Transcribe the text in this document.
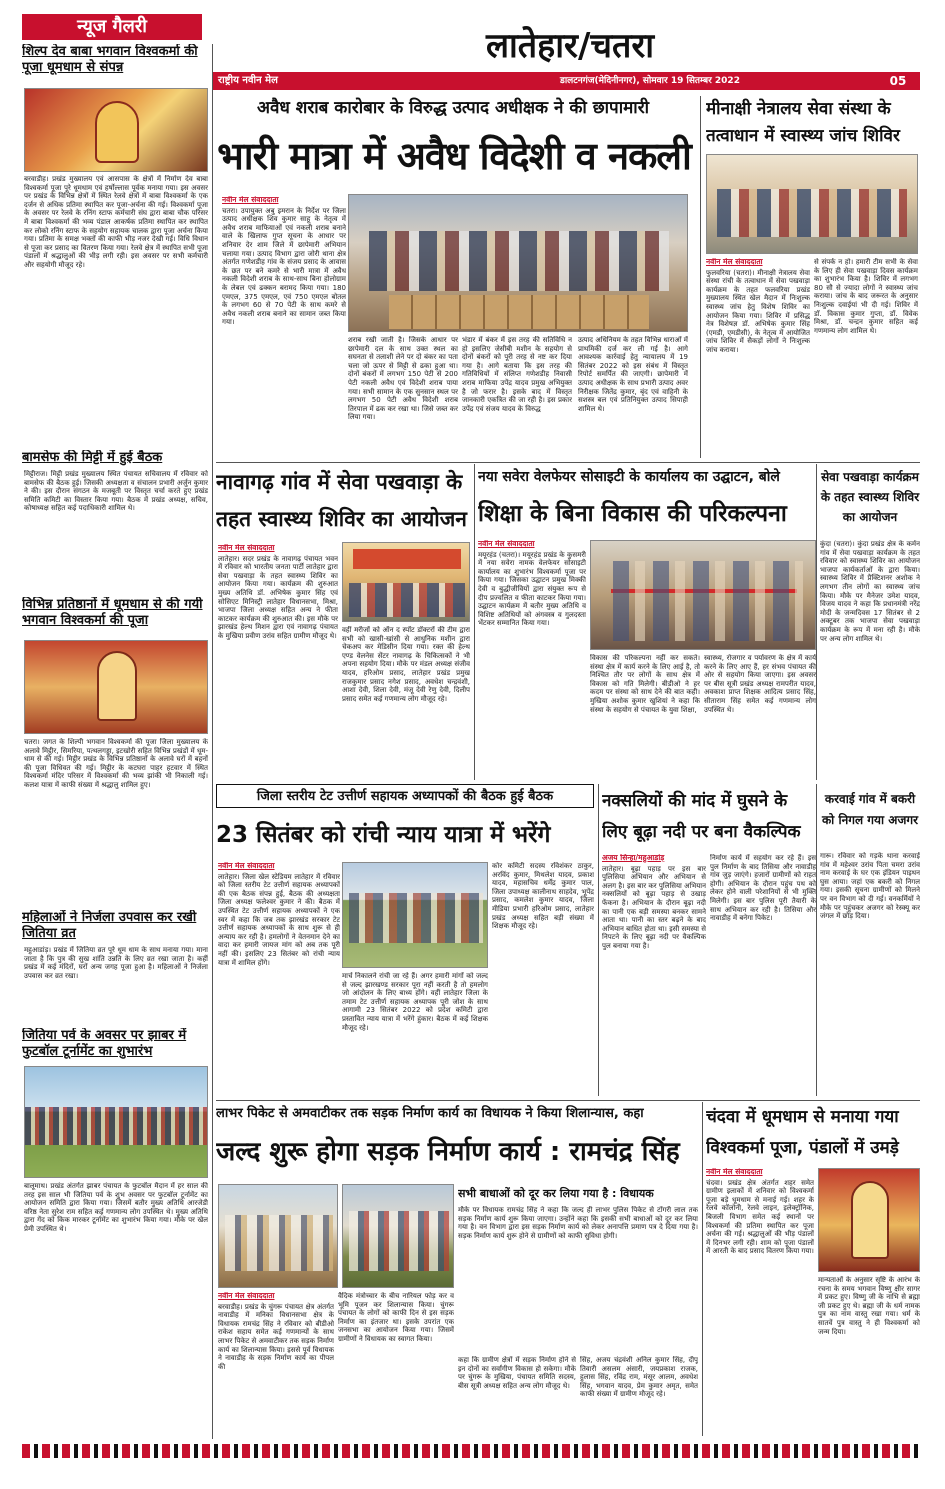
न्यूज गैलरी	लातेहार/चतरा
राष्ट्रीय नवीन मेल	डालटनगंज(मेदिनीनगर), सोमवार 19 सितम्बर 2022	05
शिल्प देव बाबा भगवान विश्वकर्मा की पूजा धूमधाम से संपन्न
बरवाडीह। प्रखंड मुख्यालय एवं आसपास के क्षेत्रों में निर्माण देव बाबा विश्वकर्मा पूजा पूरे धूमधाम एवं हर्षोल्लास पूर्वक मनाया गया। इस अवसर पर प्रखंड के विभिन्न क्षेत्रों में स्थित रेलवे क्षेत्रों में बाबा विश्वकर्मा के एक दर्जन से अधिक प्रतिमा स्थापित कर पूजा-अर्चना की गई। विश्वकर्मा पूजा के अवसर पर रेलवे के रनिंग स्टाफ कर्मचारी संघ द्वारा बाबा चौक परिसर में बाबा विश्वकर्मा की भव्य पंडाल आकर्षक प्रतिमा स्थापित कर स्थापित कर लोको रनिंग स्टाफ के सहयोग सहायक चालक द्वारा पूजा अर्चना किया गया। प्रतिमा के समक्ष भक्तों की काफी भीड़ नजर देखी गई। विधि विधान से पूजा कर प्रसाद का वितरण किया गया। रेलवे क्षेत्र में स्थापित सभी पूजा पंडालों में श्रद्धालुओं की भीड़ लगी रही। इस अवसर पर सभी कर्मचारी और सहयोगी मौजूद रहे।
बामसेफ की मिट्टी में हुई बैठक
मिट्टीराज। मिट्टी प्रखंड मुख्यालय स्थित पंचायत सचिवालय में रविवार को बामसेफ की बैठक हुई। जिसकी अध्यक्षता व संचालन प्रभारी अर्जुन कुमार ने की। इस दौरान संगठन के मजबूती पर विस्तृत चर्चा करते हुए प्रखंड समिति कमिटी का विस्तार किया गया। बैठक में प्रखंड अध्यक्ष, सचिव, कोषाध्यक्ष सहित कई पदाधिकारी शामिल थे।
विभिन्न प्रतिष्ठानों में धूमधाम से की गयी भगवान विश्वकर्मा की पूजा
चतरा। जगत के शिल्पी भगवान विश्वकर्मा की पूजा जिला मुख्यालय के अलावे मिट्ठीर, सिमरिया, पत्थलगड्डा, इटखोरी सहित विभिन्न प्रखंडों में धूम-धाम से की गई। मिट्ठीर प्रखंड के विभिन्न प्रतिष्ठानों के अलावे घरों में बहनों की पूजा विधिवत की गई। मिट्ठीर के कटघरा पाहर हटवार में स्थित विश्वकर्मा मंदिर परिसर में विश्वकर्मा की भव्य झांकी भी निकाली गई। कलश यात्रा में काफी संख्या में श्रद्धालु शामिल हुए।
महिलाओं ने निर्जला उपवास कर रखी जितिया व्रत
महुआडांड़। प्रखंड में जितिया व्रत पूरे धूम धाम के साथ मनाया गया। माना जाता है कि पुत्र की सुख शांति उन्नति के लिए व्रत रखा जाता है। कहीं प्रखंड में कई मंदिरों, घरों अन्य जगह पूजा हुआ है। महिलाओं ने निर्जला उपवास कर व्रत रखा।
जितिया पर्व के अवसर पर झाबर में फुटबॉल टूर्नामेंट का शुभारंभ
बालूमाथ। प्रखंड अंतर्गत झाबर पंचायत के फुटबॉल मैदान में हर साल की तरह इस साल भी जितिया पर्व के शुभ अवसर पर फुटबॉल टूर्नामेंट का आयोजन समिति द्वारा किया गया। जिसमें बतौर मुख्य अतिथि आरजेडी वरिष्ठ नेता सुरेश राम सहित कई गणमान्य लोग उपस्थित थे। मुख्य अतिथि द्वारा गेंद को किक मारकर टूर्नामेंट का शुभारंभ किया गया। मौके पर खेल प्रेमी उपस्थित थे।
अवैध शराब कारोबार के विरुद्ध उत्पाद अधीक्षक ने की छापामारी
भारी मात्रा में अवैध विदेशी व नकली
नवीन मेल संवाददाता
चतरा। उपायुक्त अबु इमरान के निर्देश पर जिला उत्पाद अधीक्षक शिव कुमार साहू के नेतृत्व में अवैध शराब माफियाओं एवं नकली शराब बनाने वाले के खिलाफ गुप्त सूचना के आधार पर शनिवार देर शाम जिले में छापेमारी अभियान चलाया गया। उत्पाद विभाग द्वारा जोरी थाना क्षेत्र अंतर्गत गणेशडीह गांव के संजय प्रसाद के आवास के छत पर बने कमरे से भारी मात्रा में अवैध नकली विदेशी शराब के साथ-साथ बिना होलोग्राम के लेबल एवं ढक्कन बरामद किया गया। 180 एमएल, 375 एमएल, एवं 750 एमएल बोतल के लगभग 60 से 70 पेटी के साथ कमरे से अवैध नकली शराब बनाने का सामान जब्त किया गया।
शराब रखी जाती है। जिसके आधार पर छापेमारी दल के साथ उक्त स्थल का सघनता से तलाशी लेने पर दो बंकर का पता चला जो ऊपर से मिट्टी से ढका हुआ था। दोनों बंकरों में लगभग 150 पेटी से 200 पेटी नकली अवैध एवं विदेशी शराब पाया गया। सभी सामान के एक सुनसान स्थल पर लगभग 50 पेटी अवैध विदेशी शराब तिरपाल में ढक कर रखा था। जिसे जब्त कर लिया गया।
भंडार में बंकर में इस तरह की सतिविधि न हो इसलिए जेसीबी मशीन के सहयोग से दोनों बंकरों को पूरी तरह से नष्ट कर दिया गया है। आगे बताया कि इस तरह की गतिविधियों में संलिप्त गणेशडीह निवासी शराब माफिया उपेंद्र यादव प्रमुख अभियुक्त है जो फरार है। इसके बाद में विस्तृत जानकारी एकत्रित की जा रही है। इस प्रकार उपेंद्र एवं संजय यादव के विरुद्ध
उत्पाद अधिनियम के तहत विभिन्न धाराओं में प्राथमिकी दर्ज कर ली गई है। आगे आवश्यक कार्रवाई हेतु न्यायालय में 19 सितंबर 2022 को इस संबंध में विस्तृत रिपोर्ट समर्पित की जाएगी। छापेमारी में उत्पाद अधीक्षक के साथ प्रभारी उत्पाद अवर निरीक्षक जितेंद्र कुमार, बृंद एवं वाहिनी के सशस्त्र बल एवं प्रतिनियुक्त उत्पाद सिपाही शामिल थे।
मीनाक्षी नेत्रालय सेवा संस्था के तत्वाधान में स्वास्थ्य जांच शिविर
नवीन मेल संवाददाता
फुलवरिया (चतरा)। मीनाक्षी नेत्रालय सेवा संस्था रांची के तत्वाधान में सेवा पखवाड़ा कार्यक्रम के तहत फलवरिया प्रखंड मुख्यालय स्थित खेल मैदान में निःशुल्क स्वास्थ्य जांच हेतु विशेष शिविर का आयोजन किया गया। शिविर में प्रसिद्ध नेत्र विशेषज्ञ डॉ. अभिषेक कुमार सिंह (एमडी, एमडीसी), के नेतृत्व में आयोजित जांच शिविर में सैकड़ों लोगों ने निःशुल्क जांच कराया।
से संपर्क न हो। हमारी टीम सभी के सेवा के लिए ही सेवा पखवाड़ा दिवस कार्यक्रम का शुभारंभ किया है। शिविर में लगभग 80 सौ से ज्यादा लोगों ने स्वास्थ्य जांच कराया। जांच के बाद जरूरत के अनुसार निःशुल्क दवाईयां भी दी गई। शिविर में डॉ. विकास कुमार गुप्ता, डॉ. विवेक मिश्रा, डॉ. चन्द्रन कुमार सहित कई गणमान्य लोग शामिल थे।
नावागढ़ गांव में सेवा पखवाड़ा के तहत स्वास्थ्य शिविर का आयोजन
नवीन मेल संवाददाता
लातेहार। सदर प्रखंड के नावागढ़ पंचायत भवन में रविवार को भारतीय जनता पार्टी लातेहार द्वारा सेवा पखवाड़ा के तहत स्वास्थ्य शिविर का आयोजन किया गया। कार्यक्रम की शुरुआत मुख्य अतिथि डॉ. अभिषेक कुमार सिंह एवं सोसिएट मिनिस्ट्री लातेहार विधानसभा, मिश्रा, भाजपा जिला अध्यक्ष सहित अन्य ने फीता काटकर कार्यक्रम की शुरुआत की। इस मौके पर झारखंड हेल्थ मिशन द्वारा एवं नावागढ़ पंचायत के मुखिया प्रवीण उरांव सहित ग्रामीण मौजूद थे।
वहीं मरीजों को ऑन द स्पॉट डॉक्टरों की टीम द्वारा सभी को खासी-खांसी से आधुनिक मशीन द्वारा चेकअप कर मेडिसीन दिया गया। रक्त की हेल्थ एण्ड वेलनेस सेंटर नावागढ़ के चिकित्सकों ने भी अपना सहयोग दिया। मौके पर मंडल अध्यक्ष संजीव यादव, हरिओम प्रसाद, लातेहार प्रखंड प्रमुख राजकुमार प्रसाद नगेश प्रसाद, अवधेश चन्द्रवंशी, आशा देवी, शिला देवी, मंजू देवी रेणु देवी, दिलीप प्रसाद समेत कई गणमान्य लोग मौजूद रहे।
नया सवेरा वेलफेयर सोसाइटी के कार्यालय का उद्घाटन, बोले
शिक्षा के बिना विकास की परिकल्पना
नवीन मेल संवाददाता
मयूरहंड (चतरा)। मयूरहंड प्रखंड के कुसमरी में नया सवेरा नामक वेलफेयर सोसाइटी कार्यालय का शुभारंभ विश्वकर्मा पूजा पर किया गया। जिसका उद्घाटन प्रमुख मिक्की देवी व बुद्धीजीवियों द्वारा संयुक्त रूप से दीप प्रज्वलित व फीता काटकर किया गया। उद्घाटन कार्यक्रम में बतौर मुख्य अतिथि व विशिष्ट अतिथियों को अंगवस्त्र व गुलदस्ता भेंटकर सम्मानित किया गया।
विकास की परिकल्पना नहीं कर सकते। संस्था क्षेत्र में कार्य करने के लिए आई है, तो निश्चित तौर पर लोगों के साथ क्षेत्र में विकास को गति मिलेगी। बीडीओ ने हर कदम पर संस्था को साथ देने की बात कही। मुखिया अशोक कुमार खुशियां ने कहा कि संस्था के सहयोग से पंचायत के युवा शिक्षा,
स्वास्थ्य, रोजगार व पर्यावरण के क्षेत्र में कार्य करने के लिए आए हैं, हर संभव पंचायत की ओर से सहयोग किया जाएगा। इस अवसर पर बीस सूत्री प्रखंड अध्यक्ष रामपरीत यादव, अवकाश प्राप्त शिक्षक आदित्य प्रसाद सिंह, सीताराम सिंह समेत कई गणमान्य लोग उपस्थित थे।
सेवा पखवाड़ा कार्यक्रम के तहत स्वास्थ्य शिविर का आयोजन
कुंदा (चतरा)। कुंदा प्रखंड क्षेत्र के कर्मन गांव में सेवा पखवाड़ा कार्यक्रम के तहत रविवार को स्वास्थ्य शिविर का आयोजन भाजपा कार्यकर्ताओं के द्वारा किया। स्वास्थ्य शिविर में प्रैक्टिशनर अशोक ने लगभग तीन लोगों का स्वास्थ्य जांच किया। मौके पर मैनेजर उमेश यादव, विजय यादव ने कहा कि प्रधानमंत्री नरेंद्र मोदी के जन्मदिवस 17 सितंबर से 2 अक्टूबर तक भाजपा सेवा पखवाड़ा कार्यक्रम के रूप में मना रही है। मौके पर अन्य लोग शामिल थे।
जिला स्तरीय टेट उत्तीर्ण सहायक अध्यापकों की बैठक हुई बैठक
23 सितंबर को रांची न्याय यात्रा में भरेंगे
नवीन मेल संवाददाता
लातेहार। जिला खेल स्टेडियम लातेहार में रविवार को जिला स्तरीय टेट उत्तीर्ण सहायक अध्यापकों की एक बैठक संपन्न हुई, बैठक की अध्यक्षता जिला अध्यक्ष फलेश्वर कुमार ने की। बैठक में उपस्थित टेट उत्तीर्ण सहायक अध्यापकों ने एक स्वर में कहा कि जब तक झारखंड सरकार टेट उत्तीर्ण सहायक अध्यापकों के साथ शुरू से ही अन्याय कर रही है। हमलोगों ने वेतनमान देने का वादा कर हमारी जायज मांग को अब तक पूरी नहीं की। इसलिए 23 सितंबर को रांची न्याय यात्रा में शामिल होंगे।
मार्च निकालने रांची जा रहे हैं। अगर हमारी मांगों को जल्द से जल्द झारखण्ड सरकार पूरा नहीं करती है तो हमलोग जो आंदोलन के लिए बाध्य होंगे। वहीं लातेहार जिला के तमाम टेट उत्तीर्ण सहायक अध्यापक पूरी जोश के साथ आगामी 23 सितंबर 2022 को प्रदेश कमिटी द्वारा प्रस्तावित न्याय यात्रा में भरेंगे हुंकार। बैठक में कई शिक्षक मौजूद रहे।
कोर कमिटी सदस्य रविशंकर ठाकुर, अरविंद कुमार, मिथलेश यादव, प्रकाश यादव, महासचिव धर्मेंद्र कुमार पाल, जिला उपाध्यक्ष कालीनाथ साहदेव, भूपेंद्र प्रसाद, कमलेश कुमार यादव, जिला मीडिया प्रभारी हरिओम प्रसाद, लातेहार प्रखंड अध्यक्ष सहित बड़ी संख्या में शिक्षक मौजूद रहे।
नक्सलियों की मांद में घुसने के लिए बूढ़ा नदी पर बना वैकल्पिक
अजय सिन्हा/महुआडांड़
लातेहार। बूढ़ा पहाड़ पर इस बार पुलिसिया अभियान और अभियान से अलग है। इस बार कर पुलिसिया अभियान नक्सलियों को बूढ़ा पहाड़ से उखाड़ फेंकना है। अभियान के दौरान बूढ़ा नदी का पानी एक बड़ी समस्या बनकर सामने आता था। पानी का स्तर बढ़ने के बाद अभियान बाधित होता था। इसी समस्या से निपटने के लिए बूढ़ा नदी पर वैकल्पिक पुल बनाया गया है।
निर्माण कार्य में सहयोग कर रहे हैं। इस पुल निर्माण के बाद तिसिया और नावाडीह गांव जुड़ जाएंगे। हजारों ग्रामीणों को राहत होगी। अभियान के दौरान पहुंच पथ को लेकर होने वाली परेशानियों से भी मुक्ति मिलेगी। इस बार पुलिस पूरी तैयारी के साथ अभियान कर रही है। तिसिया और नावाडीह में बनेगा पिकेट।
करवाई गांव में बकरी को निगल गया अजगर
गारू। रविवार को गड़के थाना करवाई गांव में महेश्वर उरांव पिता चमरा उरांव नाम करवाई के घर एक इंडियन पाइथन घुस आया। जहां एक बकरी को निगल गया। इसकी सूचना ग्रामीणों को मिलने पर वन विभाग को दी गई। वनकर्मियों ने मौके पर पहुंचकर अजगर को रेस्क्यू कर जंगल में छोड़ दिया।
लाभर पिकेट से अमवाटीकर तक सड़क निर्माण कार्य का विधायक ने किया शिलान्यास, कहा
जल्द शुरू होगा सड़क निर्माण कार्य : रामचंद्र सिंह
नवीन मेल संवाददाता
बरवाडीह। प्रखंड के चुंगरू पंचायत क्षेत्र अंतर्गत नावाडीह में मनिका विधानसभा क्षेत्र के विधायक रामचंद्र सिंह ने रविवार को बीडीओ राकेश सहाय समेत कई गणमान्यों के साथ लाभर पिकेट से अमवाटीकर तक सड़क निर्माण कार्य का शिलान्यास किया। इससे पूर्व विधायक ने नावाडीह के सड़क निर्माण कार्य का पीपल की
वैदिक मंत्रोच्चार के बीच नारियल फोड़ कर व भूमि पूजन कर शिलान्यास किया। चुंगरू पंचायत के लोगों को काफी दिन से इस सड़क निर्माण का इंतजार था। इसके उपरांत एक जनसभा का आयोजन किया गया। जिसमें ग्रामीणों ने विधायक का स्वागत किया।
सभी बाधाओं को दूर कर लिया गया है : विधायक
मौके पर विधायक रामचंद्र सिंह ने कहा कि जल्द ही लाभर पुलिस पिकेट से टोंगरी लाल तक सड़क निर्माण कार्य शुरू किया जाएगा। उन्होंने कहा कि इसकी सभी बाधाओं को दूर कर लिया गया है। वन विभाग द्वारा इस सड़क निर्माण कार्य को लेकर अनापत्ति प्रमाण पत्र दे दिया गया है। सड़क निर्माण कार्य शुरू होने से ग्रामीणों को काफी सुविधा होगी।
कहा कि ग्रामीण क्षेत्रों में सड़क निर्माण होने से इन दोनों का सर्वांगीण विकास हो सकेगा। मौके पर चुंगरू के मुखिया, पंचायत समिति सदस्य, बीस सूत्री अध्यक्ष सहित अन्य लोग मौजूद थे।
सिंह, अजय चंद्रवंशी अनिल कुमार सिंह, दीपू तिवारी असलम अंसारी, जयप्रकाश राजक, हुलास सिंह, रविंद्र राम, मंसूर आलम, अवधेश सिंह, भगवान यादव, प्रेम कुमार अमृत, समेत काफी संख्या में ग्रामीण मौजूद रहे।
चंदवा में धूमधाम से मनाया गया विश्वकर्मा पूजा, पंडालों में उमड़े
नवीन मेल संवाददाता
चंदवा। प्रखंड क्षेत्र अंतर्गत शहर समेत ग्रामीण इलाकों में शनिवार को विश्वकर्मा पूजा बड़े धूमधाम से मनाई गई। शहर के रेलवे कॉलोनी, रेलवे लाइन, इलेक्ट्रॉनिक, बिजली विभाग समेत कई स्थानों पर विश्वकर्मा की प्रतिमा स्थापित कर पूजा अर्चना की गई। श्रद्धालुओं की भीड़ पंडालों में दिनभर लगी रही। शाम को पूजा पंडालों में आरती के बाद प्रसाद वितरण किया गया।
मान्यताओं के अनुसार सृष्टि के आरंभ के रचना के समय भगवान विष्णु क्षीर सागर में प्रकट हुए। विष्णु जी के नाभि से ब्रह्मा जी प्रकट हुए थे। ब्रह्मा जी के धर्म नामक पुत्र का नाम वास्तु रखा गया। धर्म के सातवें पुत्र वास्तु ने ही विश्वकर्मा को जन्म दिया।
